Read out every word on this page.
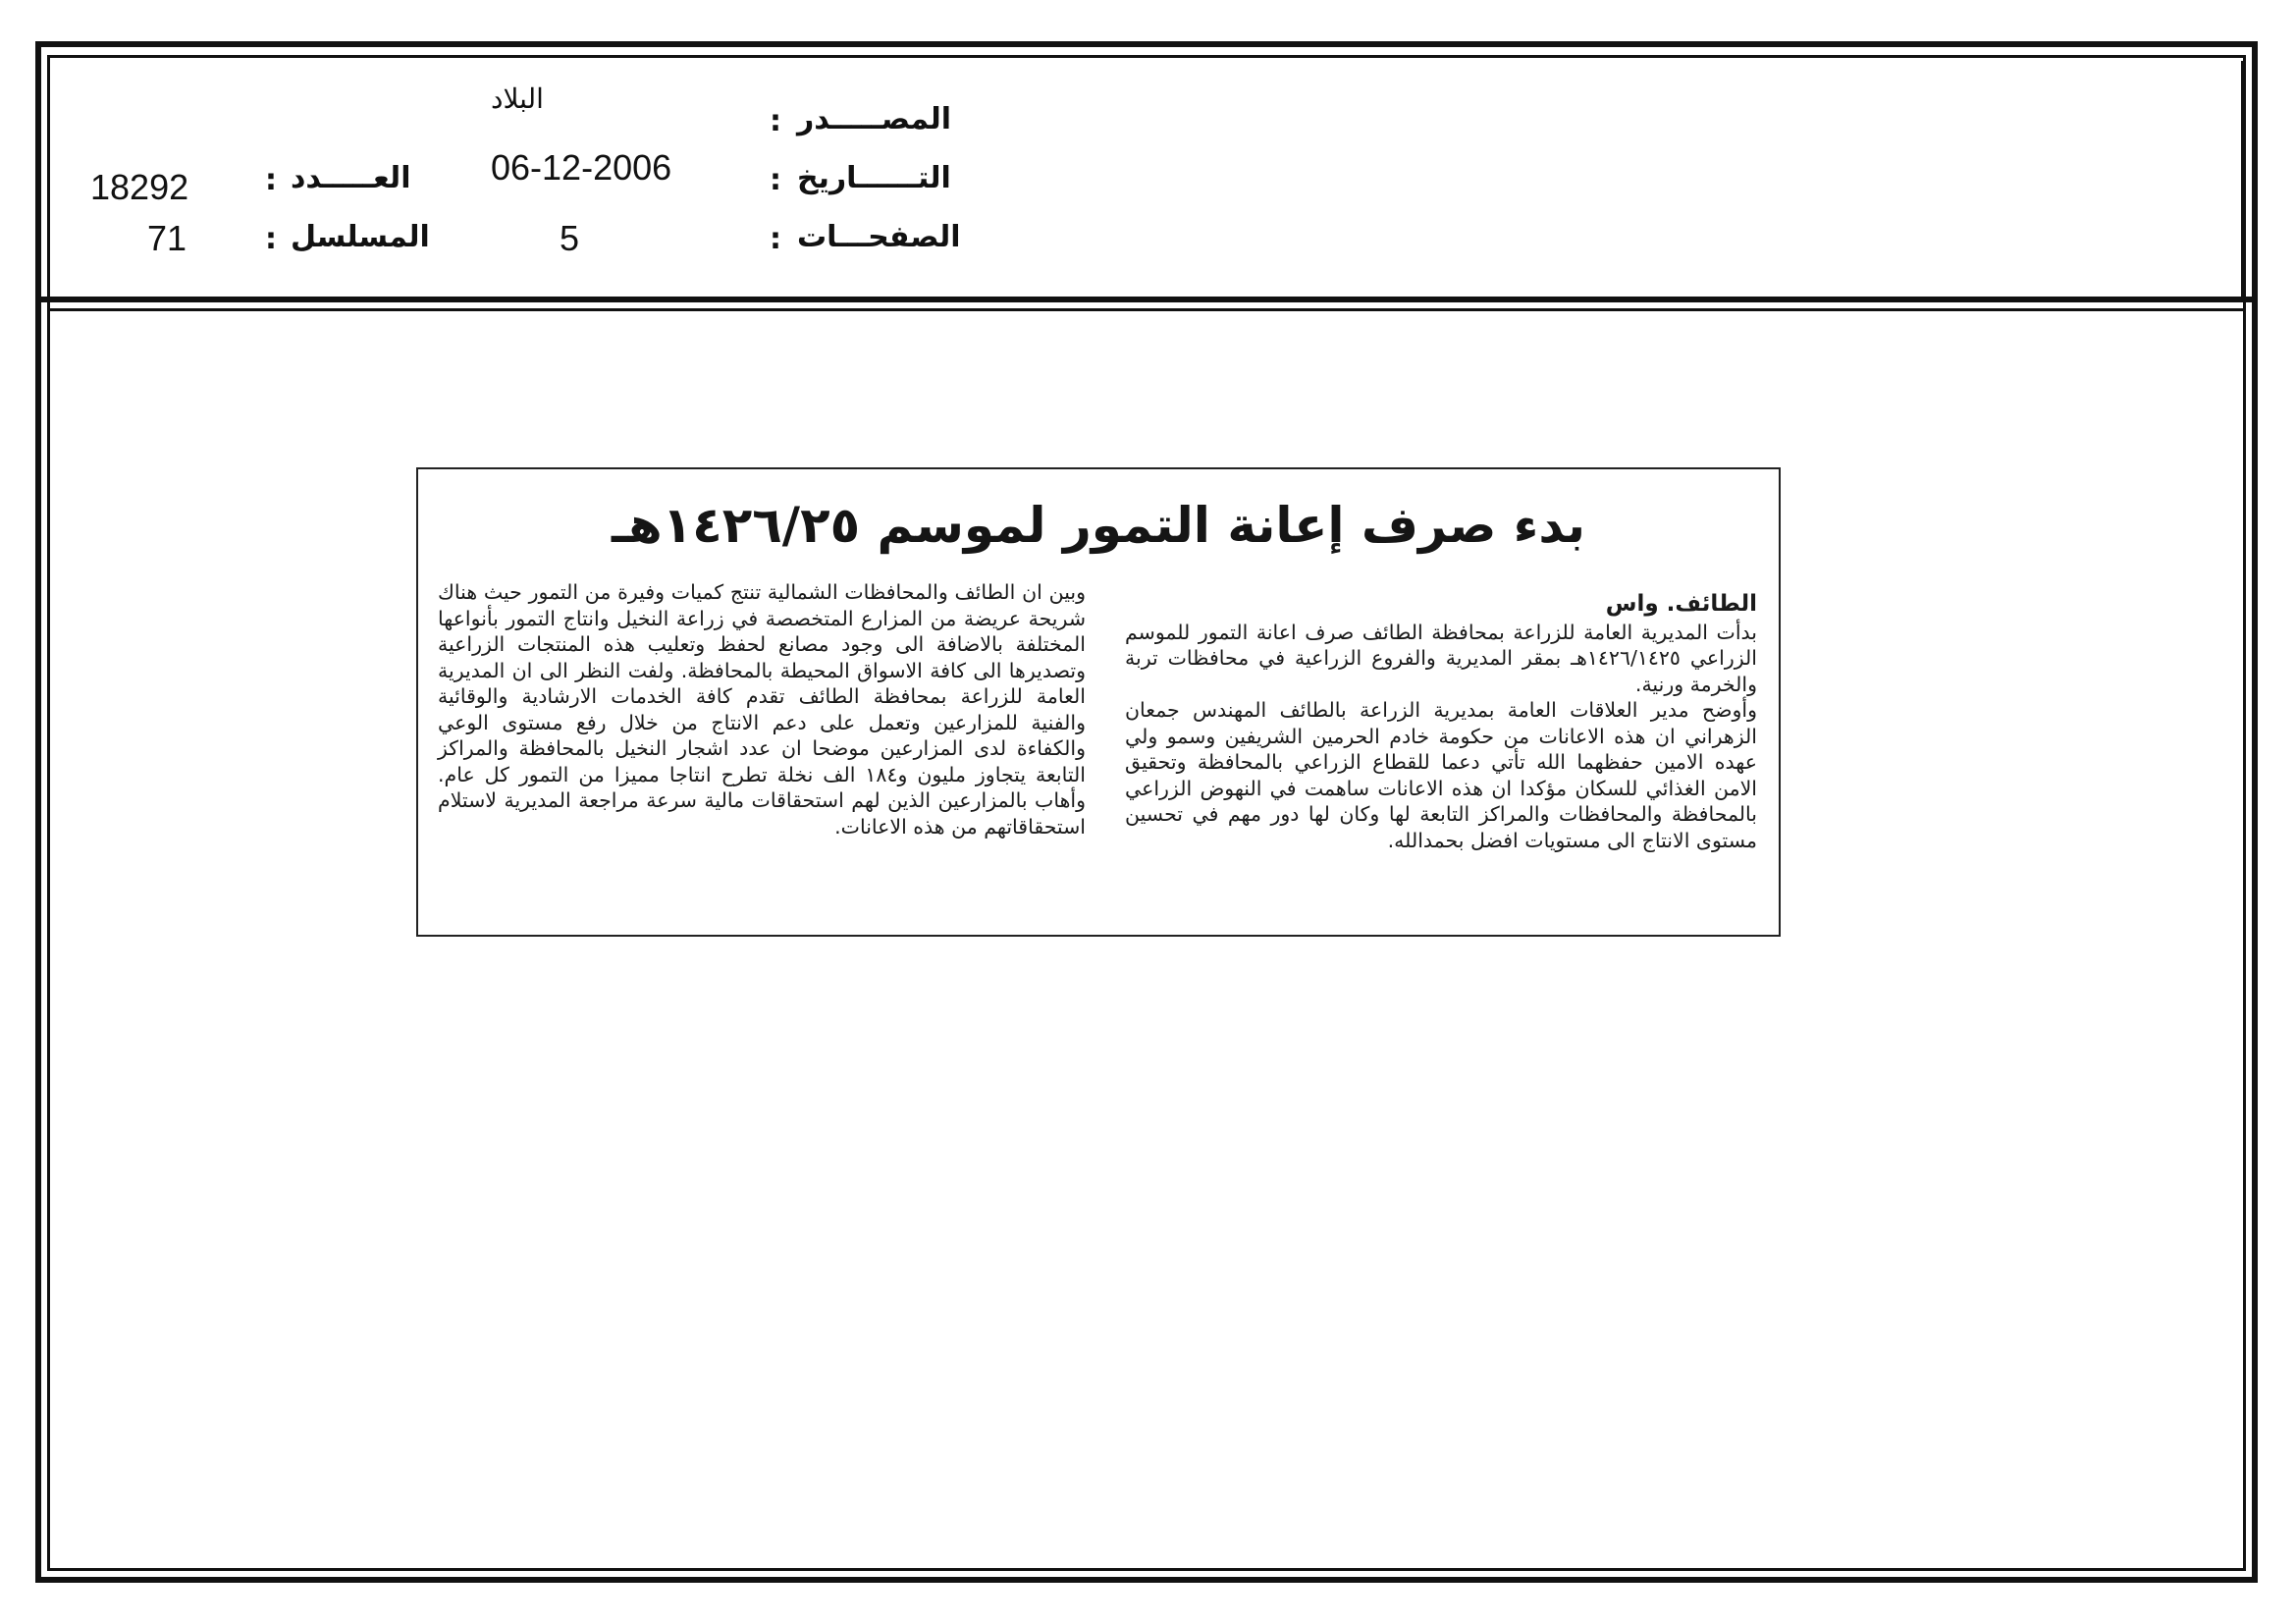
المصـــــدر
:
البلاد
التــــــاريخ
:
06-12-2006
الصفحـــات
:
5
العـــــدد
:
18292
المسلسل
:
71
بدء صرف إعانة التمور لموسم ١٤٢٦/٢٥هـ
الطائف. واس
بدأت المديرية العامة للزراعة بمحافظة الطائف صرف اعانة التمور للموسم الزراعي ١٤٢٦/١٤٢٥هـ بمقر المديرية والفروع الزراعية في محافظات تربة والخرمة ورنية.
وأوضح مدير العلاقات العامة بمديرية الزراعة بالطائف المهندس جمعان الزهراني ان هذه الاعانات من حكومة خادم الحرمين الشريفين وسمو ولي عهده الامين حفظهما الله تأتي دعما للقطاع الزراعي بالمحافظة وتحقيق الامن الغذائي للسكان مؤكدا ان هذه الاعانات ساهمت في النهوض الزراعي بالمحافظة والمحافظات والمراكز التابعة لها وكان لها دور مهم في تحسين مستوى الانتاج الى مستويات افضل بحمدالله.
وبين ان الطائف والمحافظات الشمالية تنتج كميات وفيرة من التمور حيث هناك شريحة عريضة من المزارع المتخصصة في زراعة النخيل وانتاج التمور بأنواعها المختلفة بالاضافة الى وجود مصانع لحفظ وتعليب هذه المنتجات الزراعية وتصديرها الى كافة الاسواق المحيطة بالمحافظة. ولفت النظر الى ان المديرية العامة للزراعة بمحافظة الطائف تقدم كافة الخدمات الارشادية والوقائية والفنية للمزارعين وتعمل على دعم الانتاج من خلال رفع مستوى الوعي والكفاءة لدى المزارعين موضحا ان عدد اشجار النخيل بالمحافظة والمراكز التابعة يتجاوز مليون و١٨٤ الف نخلة تطرح انتاجا مميزا من التمور كل عام. وأهاب بالمزارعين الذين لهم استحقاقات مالية سرعة مراجعة المديرية لاستلام استحقاقاتهم من هذه الاعانات.
